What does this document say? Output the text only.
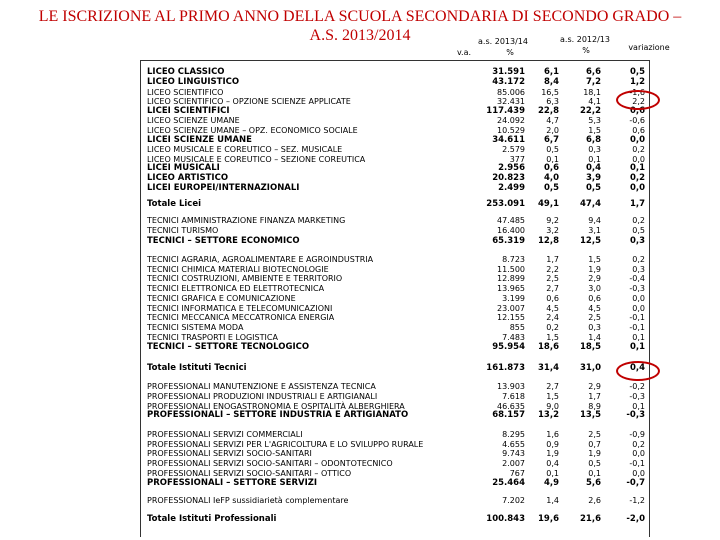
LE ISCRIZIONE AL PRIMO ANNO DELLA SCUOLA SECONDARIA DI SECONDO GRADO –
A.S. 2013/2014	a.s. 2013/14	a.s. 2012/13
v.a.	%	%	variazione
LICEO CLASSICO	31.591 6,1	6,6	0,5
LICEO LINGUISTICO	43.172 8,4	7,2	1,2
LICEO SCIENTIFICO	85.006 16,5	18,1	-1,6
LICEO SCIENTIFICO – OPZIONE SCIENZE APPLICATE	32.431	6,3	4,1	2,2
LICEI SCIENTIFICI	117.439 22,8 22,2	0,6
LICEO SCIENZE UMANE	24.092	4,7	5,3	-0,6
LICEO SCIENZE UMANE – OPZ. ECONOMICO SOCIALE	10.529	2,0	1,5	0,6
LICEI SCIENZE UMANE	34.611 6,7	6,8	0,0
LICEO MUSICALE E COREUTICO – SEZ. MUSICALE	2.579	0,5	0,3	0,2
LICEO MUSICALE E COREUTICO – SEZIONE COREUTICA	377	0,1	0,1	0,0
LICEI MUSICALI	2.956 0,6	0,4	0,1
LICEO ARTISTICO	20.823 4,0	3,9	0,2
LICEI EUROPEI/INTERNAZIONALI	2.499 0,5	0,5	0,0
Totale Licei	253.091 49,1 47,4	1,7
TECNICI AMMINISTRAZIONE FINANZA MARKETING	47.485	9,2	9,4	0,2
TECNICI TURISMO	16.400	3,2	3,1	0,5
TECNICI – SETTORE ECONOMICO	65.319 12,8 12,5	0,3
TECNICI AGRARIA, AGROALIMENTARE E AGROINDUSTRIA	8.723	1,7	1,5	0,2
TECNICI CHIMICA MATERIALI BIOTECNOLOGIE	11.500	2,2	1,9	0,3
TECNICI COSTRUZIONI, AMBIENTE E TERRITORIO	12.899	2,5	2,9	-0,4
TECNICI ELETTRONICA ED ELETTROTECNICA	13.965	2,7	3,0	-0,3
TECNICI GRAFICA E COMUNICAZIONE	3.199	0,6	0,6	0,0
TECNICI INFORMATICA E TELECOMUNICAZIONI	23.007	4,5	4,5	0,0
TECNICI MECCANICA MECCATRONICA ENERGIA	12.155	2,4	2,5	-0,1
TECNICI SISTEMA MODA	855	0,2	0,3	-0,1
TECNICI TRASPORTI E LOGISTICA	7.483	1,5	1,4	0,1
TECNICI – SETTORE TECNOLOGICO	95.954 18,6 18,5	0,1
Totale Istituti Tecnici	161.873 31,4 31,0	0,4
PROFESSIONALI MANUTENZIONE E ASSISTENZA TECNICA	13.903	2,7	2,9	-0,2
PROFESSIONALI PRODUZIONI INDUSTRIALI E ARTIGIANALI	7.618	1,5	1,7	-0,3
PROFESSIONALI ENOGASTRONOMIA E OSPITALITÀ ALBERGHIERA	46.635	9,0	8,9	0,1
PROFESSIONALI – SETTORE INDUSTRIA E ARTIGIANATO	68.157 13,2 13,5	-0,3
PROFESSIONALI SERVIZI COMMERCIALI	8.295	1,6	2,5	-0,9
PROFESSIONALI SERVIZI PER L'AGRICOLTURA E LO SVILUPPO RURALE	4.655	0,9	0,7	0,2
PROFESSIONALI SERVIZI SOCIO-SANITARI	9.743	1,9	1,9	0,0
PROFESSIONALI SERVIZI SOCIO-SANITARI – ODONTOTECNICO	2.007	0,4	0,5	-0,1
PROFESSIONALI SERVIZI SOCIO-SANITARI – OTTICO	767	0,1	0,1	0,0
PROFESSIONALI – SETTORE SERVIZI	25.464 4,9	5,6	-0,7
PROFESSIONALI IeFP sussidiarietà complementare	7.202	1,4	2,6	-1,2
Totale Istituti Professionali	100.843 19,6 21,6	-2,0
